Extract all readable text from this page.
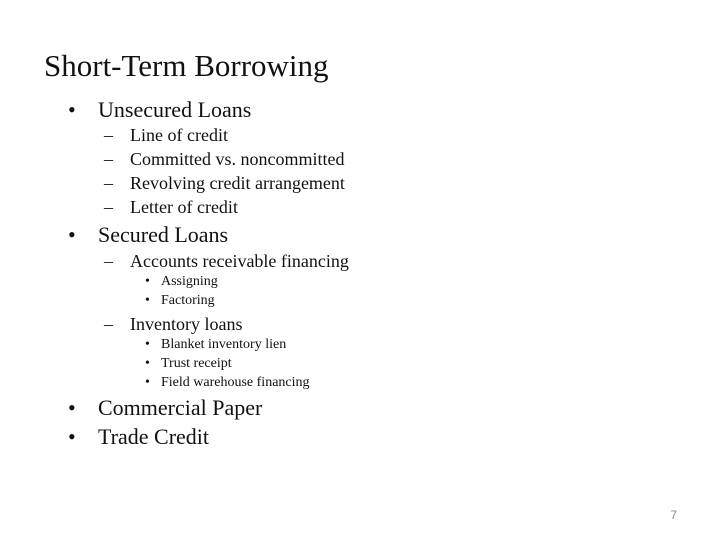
Short-Term Borrowing
• Unsecured Loans
– Line of credit
– Committed vs. noncommitted
– Revolving credit arrangement
– Letter of credit
• Secured Loans
– Accounts receivable financing
• Assigning
• Factoring
– Inventory loans
• Blanket inventory lien
• Trust receipt
• Field warehouse financing
• Commercial Paper
• Trade Credit
7
